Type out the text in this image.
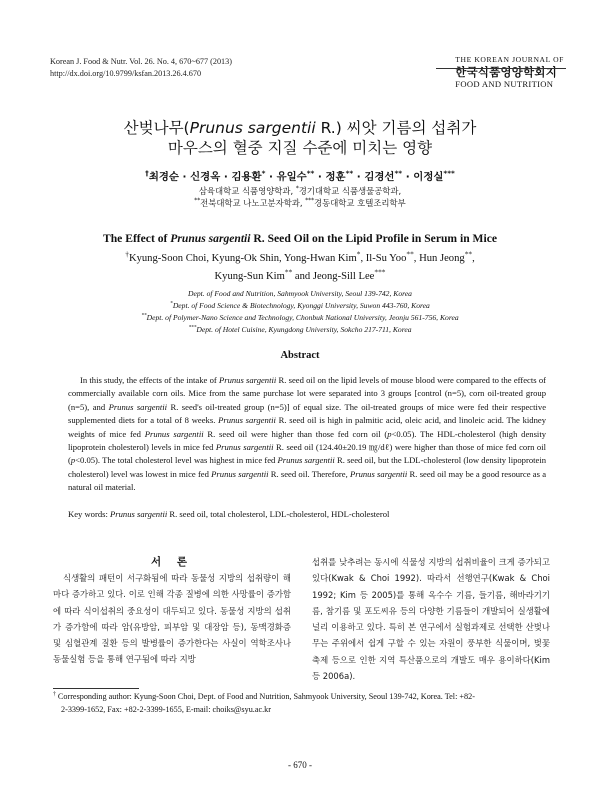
Korean J. Food & Nutr. Vol. 26. No. 4, 670~677 (2013)
http://dx.doi.org/10.9799/ksfan.2013.26.4.670
THE KOREAN JOURNAL OF
한국식품영양학회지
FOOD AND NUTRITION
산벚나무(Prunus sargentii R.) 씨앗 기름의 섭취가
마우스의 혈중 지질 수준에 미치는 영향
†최경순 · 신경옥 · 김용환* · 유일수** · 정훈** · 김경선** · 이정실***
삼육대학교 식품영양학과, *경기대학교 식품생물공학과,
**전북대학교 나노고분자학과, ***경동대학교 호텔조리학부
The Effect of Prunus sargentii R. Seed Oil on the Lipid Profile in Serum in Mice
†Kyung-Soon Choi, Kyung-Ok Shin, Yong-Hwan Kim*, Il-Su Yoo**, Hun Jeong**,
Kyung-Sun Kim** and Jeong-Sill Lee***
Dept. of Food and Nutrition, Sahmyook University, Seoul 139-742, Korea
*Dept. of Food Science & Biotechnology, Kyonggi University, Suwon 443-760, Korea
**Dept. of Polymer-Nano Science and Technology, Chonbuk National University, Jeonju 561-756, Korea
***Dept. of Hotel Cuisine, Kyungdong University, Sokcho 217-711, Korea
Abstract

In this study, the effects of the intake of Prunus sargentii R. seed oil on the lipid levels of mouse blood were compared to the effects of commercially available corn oils. Mice from the same purchase lot were separated into 3 groups [control (n=5), corn oil-treated group (n=5), and Prunus sargentii R. seed's oil-treated group (n=5)] of equal size. The oil-treated groups of mice were fed their respective supplemented diets for a total of 8 weeks. Prunus sargentii R. seed oil is high in palmitic acid, oleic acid, and linoleic acid. The kidney weights of mice fed Prunus sargentii R. seed oil were higher than those fed corn oil (p<0.05). The HDL-cholesterol (high density lipoprotein cholesterol) levels in mice fed Prunus sargentii R. seed oil (124.40±20.19 ㎎/dℓ) were higher than those of mice fed corn oil (p<0.05). The total cholesterol level was highest in mice fed Prunus sargentii R. seed oil, but the LDL-cholesterol (low density lipoprotein cholesterol) level was lowest in mice fed Prunus sargentii R. seed oil. Therefore, Prunus sargentii R. seed oil may be a good resource as a natural oil material.

Key words: Prunus sargentii R. seed oil, total cholesterol, LDL-cholesterol, HDL-cholesterol
서 론

식생활의 패턴이 서구화됨에 따라 동물성 지방의 섭취량이 해마다 증가하고 있다. 이로 인해 각종 질병에 의한 사망률이 증가함에 따라 식이섭취의 중요성이 대두되고 있다. 동물성 지방의 섭취가 증가함에 따라 암(유방암, 피부암 및 대장암 등), 동맥경화증 및 심혈관계 질환 등의 발병률이 증가한다는 사실이 역학조사나 동물실험 등을 통해 연구됨에 따라 지방

섭취를 낮추려는 동시에 식물성 지방의 섭취비율이 크게 증가되고 있다(Kwak & Choi 1992). 따라서 선행연구(Kwak & Choi 1992; Kim 등 2005)를 통해 옥수수 기름, 들기름, 해바라기기름, 참기름 및 포도씨유 등의 다양한 기름들이 개발되어 실생활에 널리 이용하고 있다. 특히 본 연구에서 실험과제로 선택한 산벚나무는 주위에서 쉽게 구할 수 있는 자원이 풍부한 식물이며, 벚꽃 축제 등으로 인한 지역 특산품으로의 개발도 매우 용이하다(Kim 등 2006a).

† Corresponding author: Kyung-Soon Choi, Dept. of Food and Nutrition, Sahmyook University, Seoul 139-742, Korea. Tel: +82-
2-3399-1652, Fax: +82-2-3399-1655, E-mail: choiks@syu.ac.kr
- 670 -
